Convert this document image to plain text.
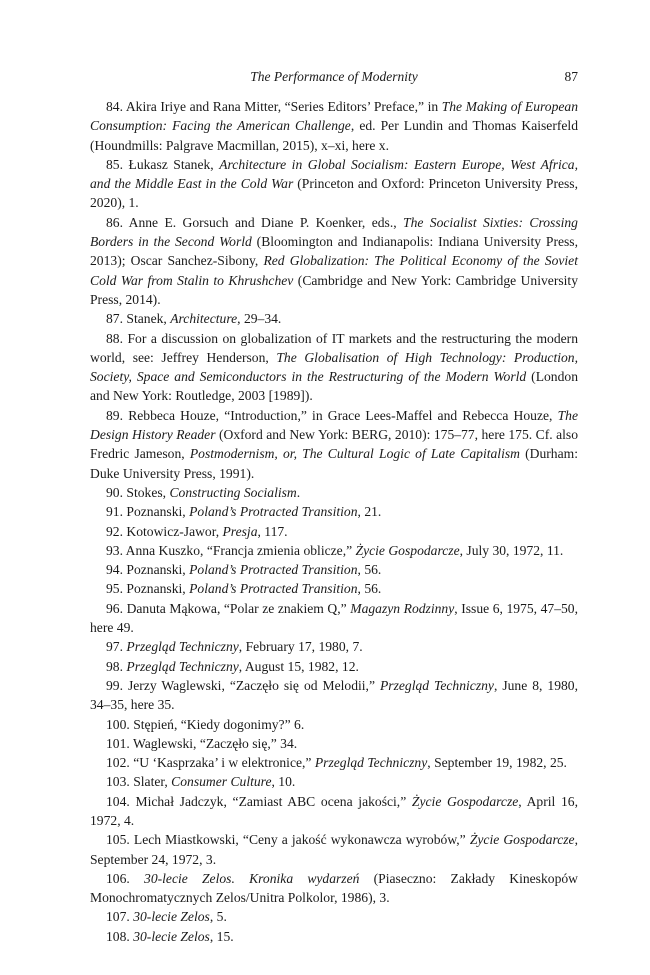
The Performance of Modernity	87

84. Akira Iriye and Rana Mitter, “Series Editors’ Preface,” in The Making of European Consumption: Facing the American Challenge, ed. Per Lundin and Thomas Kaiserfeld (Houndmills: Palgrave Macmillan, 2015), x–xi, here x.

85. Łukasz Stanek, Architecture in Global Socialism: Eastern Europe, West Africa, and the Middle East in the Cold War (Princeton and Oxford: Princeton University Press, 2020), 1.

86. Anne E. Gorsuch and Diane P. Koenker, eds., The Socialist Sixties: Crossing Borders in the Second World (Bloomington and Indianapolis: Indiana University Press, 2013); Oscar Sanchez-Sibony, Red Globalization: The Political Economy of the Soviet Cold War from Stalin to Khrushchev (Cambridge and New York: Cambridge University Press, 2014).

87. Stanek, Architecture, 29–34.

88. For a discussion on globalization of IT markets and the restructuring the modern world, see: Jeffrey Henderson, The Globalisation of High Technology: Production, Society, Space and Semiconductors in the Restructuring of the Modern World (London and New York: Routledge, 2003 [1989]).

89. Rebbeca Houze, “Introduction,” in Grace Lees-Maffel and Rebecca Houze, The Design History Reader (Oxford and New York: BERG, 2010): 175–77, here 175. Cf. also Fredric Jameson, Postmodernism, or, The Cultural Logic of Late Capitalism (Durham: Duke University Press, 1991).

90. Stokes, Constructing Socialism.

91. Poznanski, Poland’s Protracted Transition, 21.

92. Kotowicz-Jawor, Presja, 117.

93. Anna Kuszko, “Francja zmienia oblicze,” Życie Gospodarcze, July 30, 1972, 11.

94. Poznanski, Poland’s Protracted Transition, 56.

95. Poznanski, Poland’s Protracted Transition, 56.

96. Danuta Mąkowa, “Polar ze znakiem Q,” Magazyn Rodzinny, Issue 6, 1975, 47–50, here 49.

97. Przegląd Techniczny, February 17, 1980, 7.

98. Przegląd Techniczny, August 15, 1982, 12.

99. Jerzy Waglewski, “Zaczęło się od Melodii,” Przegląd Techniczny, June 8, 1980, 34–35, here 35.

100. Stępień, “Kiedy dogonimy?” 6.

101. Waglewski, “Zaczęło się,” 34.

102. “U ‘Kasprzaka’ i w elektronice,” Przegląd Techniczny, September 19, 1982, 25.

103. Slater, Consumer Culture, 10.

104. Michał Jadczyk, “Zamiast ABC ocena jakości,” Życie Gospodarcze, April 16, 1972, 4.

105. Lech Miastkowski, “Ceny a jakość wykonawcza wyrobów,” Życie Gospodarcze, September 24, 1972, 3.

106. 30-lecie Zelos. Kronika wydarzeń (Piaseczno: Zakłady Kineskopów Monochromatycznych Zelos/Unitra Polkolor, 1986), 3.

107. 30-lecie Zelos, 5.

108. 30-lecie Zelos, 15.
